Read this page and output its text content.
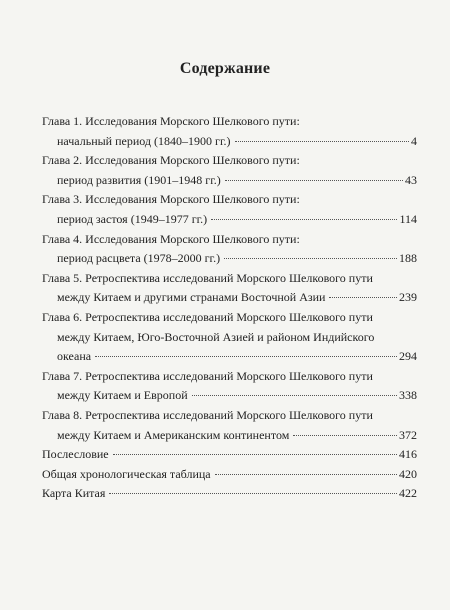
Содержание
Глава 1. Исследования Морского Шелкового пути:
начальный период (1840–1900 гг.)	4
Глава 2. Исследования Морского Шелкового пути:
период развития (1901–1948 гг.)	43
Глава 3. Исследования Морского Шелкового пути:
период застоя (1949–1977 гг.)	114
Глава 4. Исследования Морского Шелкового пути:
период расцвета (1978–2000 гг.)	188
Глава 5. Ретроспектива исследований Морского Шелкового пути
между Китаем и другими странами Восточной Азии	239
Глава 6. Ретроспектива исследований Морского Шелкового пути
между Китаем, Юго-Восточной Азией и районом Индийского
океана	294
Глава 7. Ретроспектива исследований Морского Шелкового пути
между Китаем и Европой	338
Глава 8. Ретроспектива исследований Морского Шелкового пути
между Китаем и Американским континентом	372
Послесловие	416
Общая хронологическая таблица	420
Карта Китая	422
